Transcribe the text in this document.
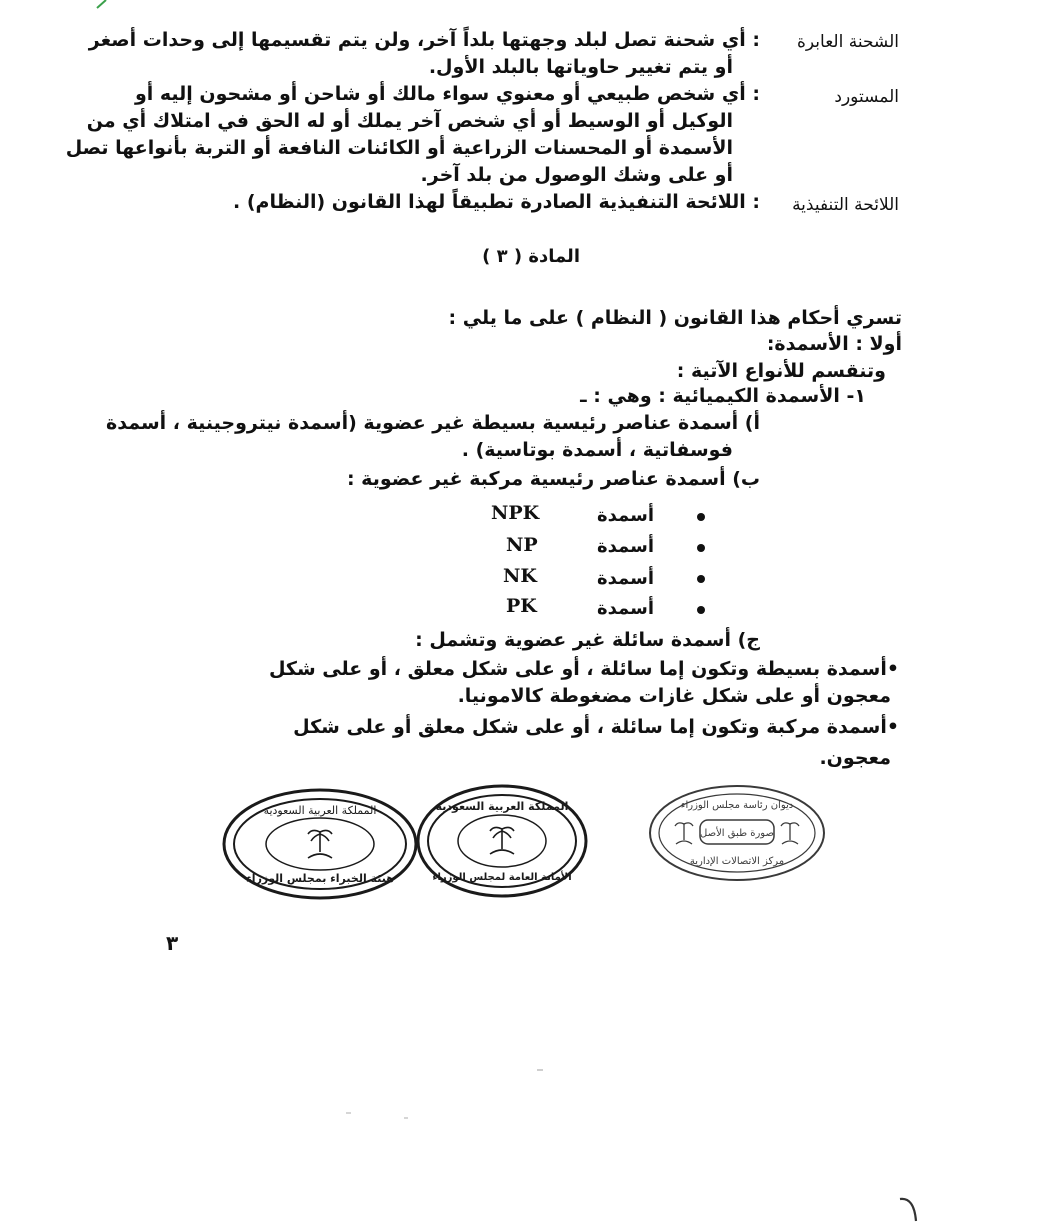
الشحنة العابرة
: أي شحنة تصل لبلد وجهتها بلداً آخر، ولن يتم تقسيمها إلى وحدات أصغر
أو يتم تغيير حاوياتها بالبلد الأول.
المستورد
: أي شخص طبيعي أو معنوي سواء مالك أو شاحن أو مشحون إليه أو
الوكيل أو الوسيط أو أي شخص آخر يملك أو له الحق في امتلاك أي من
الأسمدة أو المحسنات الزراعية أو الكائنات النافعة أو التربة بأنواعها تصل
أو على وشك الوصول من بلد آخر.
اللائحة التنفيذية
: اللائحة التنفيذية الصادرة تطبيقاً لهذا القانون (النظام) .
المادة ( ٣ )
تسري أحكام هذا القانون ( النظام ) على ما يلي :
أولا : الأسمدة:
وتنقسم للأنواع الآتية :
١- الأسمدة الكيميائية : وهي : ـ
أ) أسمدة عناصر رئيسية بسيطة غير عضوية (أسمدة نيتروجينية ، أسمدة
فوسفاتية ، أسمدة بوتاسية) .
ب) أسمدة عناصر رئيسية مركبة غير عضوية :
أسمدة
NPK
أسمدة
NP
أسمدة
NK
أسمدة
PK
ج) أسمدة سائلة غير عضوية وتشمل :
•أسمدة بسيطة وتكون إما سائلة ، أو على شكل معلق ، أو على شكل
معجون أو على شكل غازات مضغوطة كالامونيا.
•أسمدة مركبة وتكون إما سائلة ، أو على شكل معلق أو على شكل
معجون.
المملكة العربية السعودية
هيئة الخبراء بمجلس الوزراء
المملكة العربية السعودية
الأمانة العامة لمجلس الوزراء
ديوان رئاسة مجلس الوزراء
صورة طبق الأصل
مركز الاتصالات الإدارية
٣
